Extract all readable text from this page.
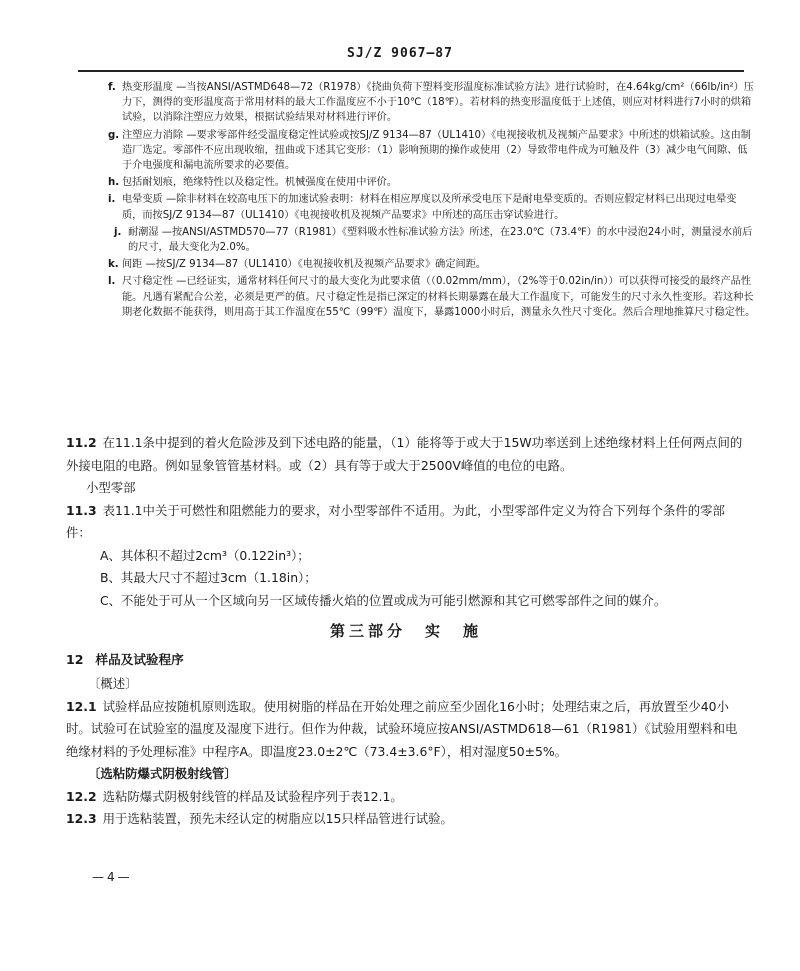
SJ/Z 9067—87
f. 热变形温度 —当按ANSI/ASTMD648—72（R1978）《挠曲负荷下塑料变形温度标准试验方法》进行试验时，在4.64kg/cm²（66lb/in²）压力下，测得的变形温度高于常用材料的最大工作温度应不小于10℃（18℉）。若材料的热变形温度低于上述值，则应对材料进行7小时的烘箱试验，以消除注塑应力效果，根据试验结果对材料进行评价。
g. 注塑应力消除 —要求零部件经受温度稳定性试验或按SJ/Z 9134—87（UL1410）《电视接收机及视频产品要求》中所述的烘箱试验。这由制造厂选定。零部件不应出现收缩，扭曲或下述其它变形：（1）影响预期的操作或使用（2）导致带电件成为可触及件（3）减少电气间隙、低于介电强度和漏电流所要求的必要值。
h. 包括耐划痕，绝缘特性以及稳定性。机械强度在使用中评价。
i. 电晕变质 —除非材料在较高电压下的加速试验表明：材料在相应厚度以及所承受电压下是耐电晕变质的。否则应假定材料已出现过电晕变质，而按SJ/Z 9134—87（UL1410）《电视接收机及视频产品要求》中所述的高压击穿试验进行。
j. 耐潮湿 —按ANSI/ASTMD570—77（R1981）《塑料吸水性标准试验方法》所述，在23.0℃（73.4℉）的水中浸泡24小时，测量浸水前后的尺寸，最大变化为2.0%。
k. 间距 —按SJ/Z 9134—87（UL1410）《电视接收机及视频产品要求》确定间距。
l. 尺寸稳定性 —已经证实，通常材料任何尺寸的最大变化为此要求值（（0.02mm/mm），（2%等于0.02in/in））可以获得可接受的最终产品性能。凡遇有紧配合公差，必须是更严的值。尺寸稳定性是指已深定的材料长期暴露在最大工作温度下，可能发生的尺寸永久性变形。若这种长期老化数据不能获得，则用高于其工作温度在55℃（99℉）温度下，暴露1000小时后，测量永久性尺寸变化。然后合理地推算尺寸稳定性。

11.2 在11.1条中提到的着火危险涉及到下述电路的能量，（1）能将等于或大于15W功率送到上述绝缘材料上任何两点间的外接电阻的电路。例如显象管管基材料。或（2）具有等于或大于2500V峰值的电位的电路。

小型零部

11.3 表11.1中关于可燃性和阻燃能力的要求，对小型零部件不适用。为此，小型零部件定义为符合下列每个条件的零部件：

A、其体积不超过2cm³（0.122in³）；

B、其最大尺寸不超过3cm（1.18in）；

C、不能处于可从一个区域向另一区域传播火焰的位置或成为可能引燃源和其它可燃零部件之间的媒介。

第三部分　实　施
12 样品及试验程序

〔概述〕

12.1 试验样品应按随机原则选取。使用树脂的样品在开始处理之前应至少固化16小时；处理结束之后，再放置至少40小时。试验可在试验室的温度及湿度下进行。但作为仲裁，试验环境应按ANSI/ASTMD618—61（R1981）《试验用塑料和电绝缘材料的予处理标准》中程序A。即温度23.0±2℃（73.4±3.6°F），相对湿度50±5%。

〔选粘防爆式阴极射线管〕

12.2 选粘防爆式阴极射线管的样品及试验程序列于表12.1。

12.3 用于选粘装置，预先未经认定的树脂应以15只样品管进行试验。

—4—
